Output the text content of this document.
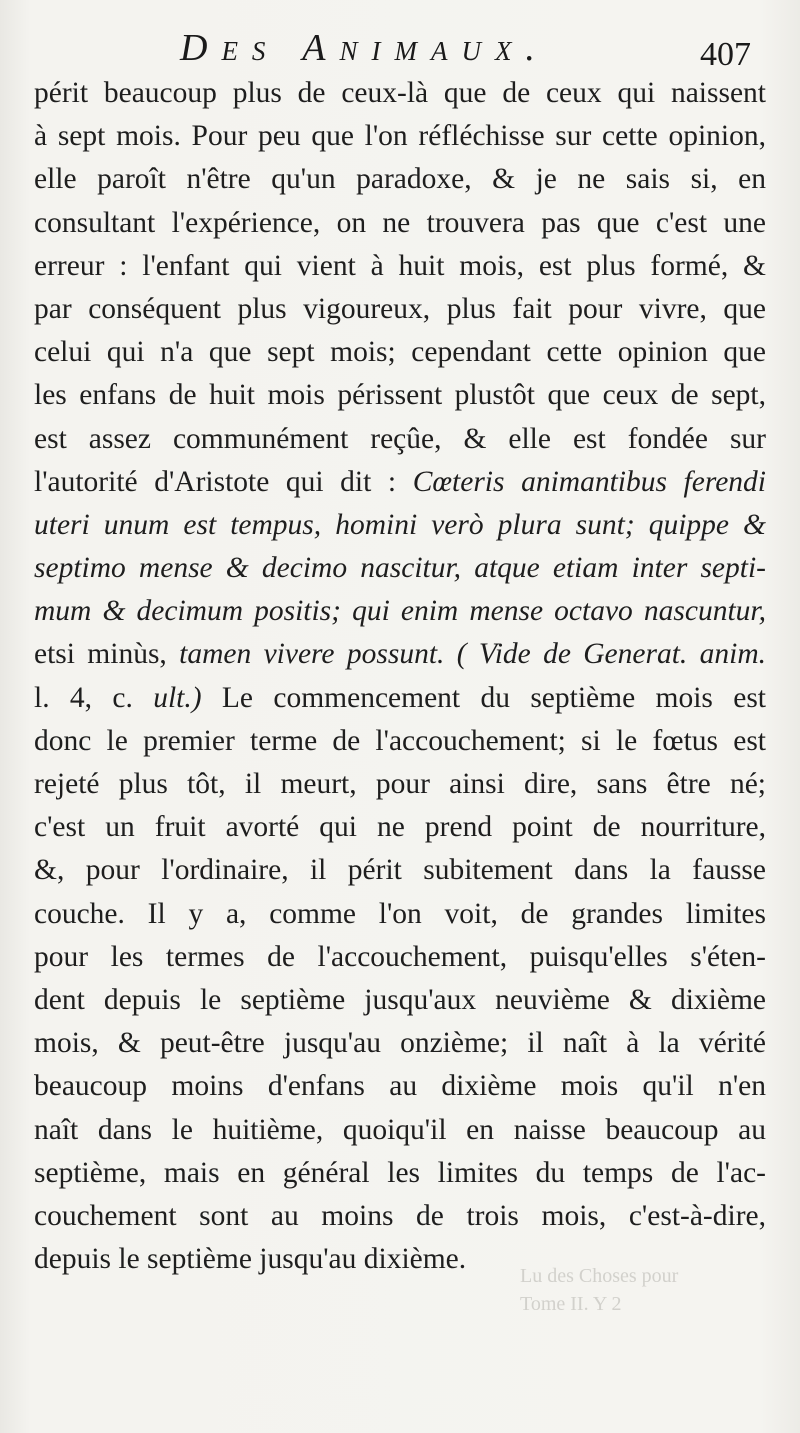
Des Animaux.	407
périt beaucoup plus de ceux-là que de ceux qui naissent
à sept mois. Pour peu que l'on réfléchisse sur cette opinion,
elle paroît n'être qu'un paradoxe, & je ne sais si, en
consultant l'expérience, on ne trouvera pas que c'est une
erreur : l'enfant qui vient à huit mois, est plus formé, &
par conséquent plus vigoureux, plus fait pour vivre, que
celui qui n'a que sept mois; cependant cette opinion que
les enfans de huit mois périssent plustôt que ceux de sept,
est assez communément reçûe, & elle est fondée sur
l'autorité d'Aristote qui dit : Cœteris animantibus ferendi
uteri unum est tempus, homini verò plura sunt; quippe &
septimo mense & decimo nascitur, atque etiam inter septi-
mum & decimum positis; qui enim mense octavo nascuntur,
etsi minùs, tamen vivere possunt. ( Vide de Generat. anim.
l. 4, c. ult.) Le commencement du septième mois est
donc le premier terme de l'accouchement; si le fœtus est
rejeté plus tôt, il meurt, pour ainsi dire, sans être né;
c'est un fruit avorté qui ne prend point de nourriture,
&, pour l'ordinaire, il périt subitement dans la fausse
couche. Il y a, comme l'on voit, de grandes limites
pour les termes de l'accouchement, puisqu'elles s'éten-
dent depuis le septième jusqu'aux neuvième & dixième
mois, & peut-être jusqu'au onzième; il naît à la vérité
beaucoup moins d'enfans au dixième mois qu'il n'en
naît dans le huitième, quoiqu'il en naisse beaucoup au
septième, mais en général les limites du temps de l'ac-
couchement sont au moins de trois mois, c'est-à-dire,
depuis le septième jusqu'au dixième.
Lu des Choses pour
Tome II. Y 2
